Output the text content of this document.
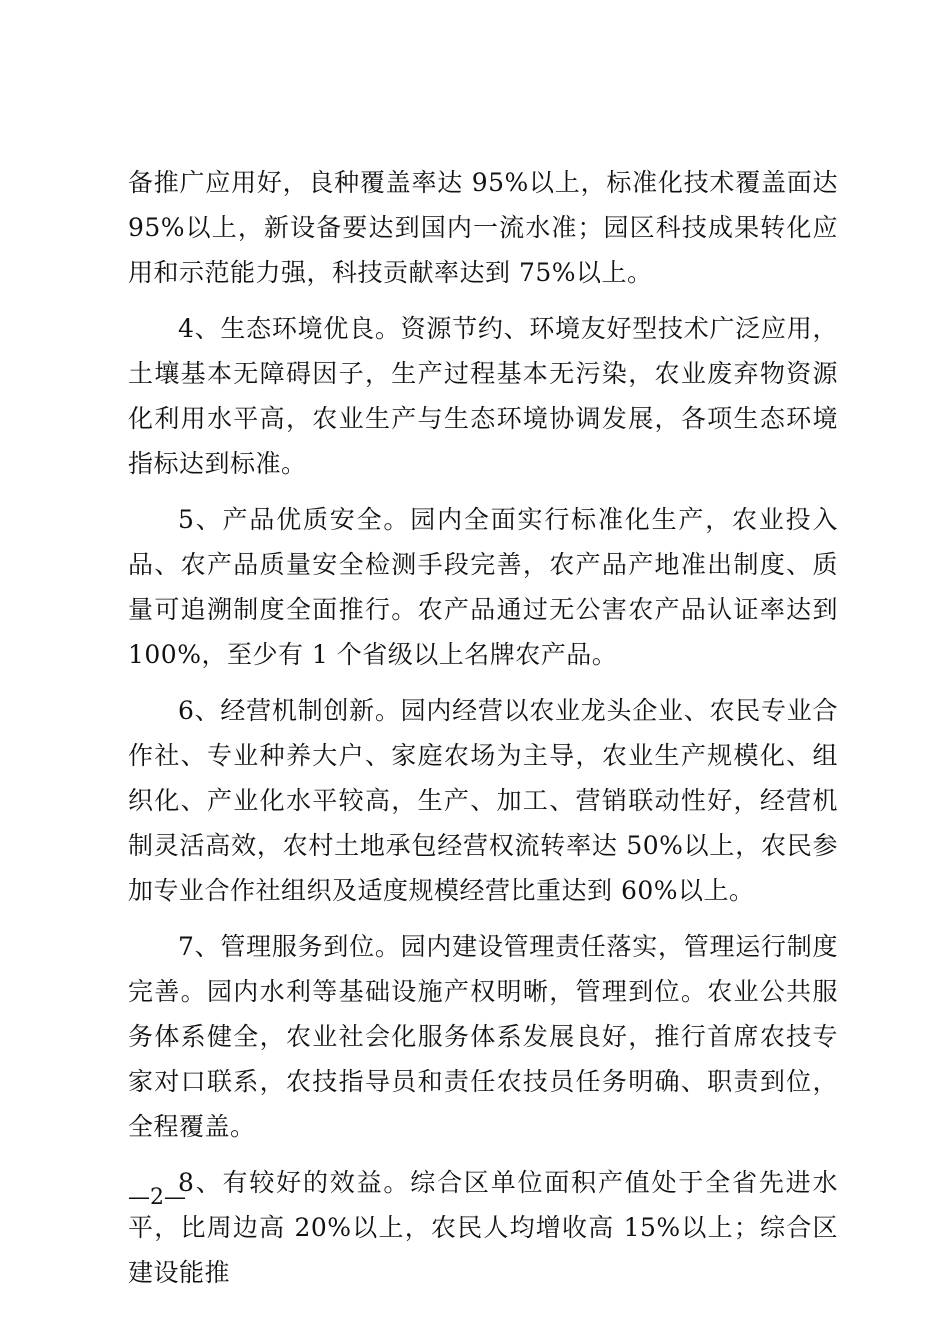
备推广应用好，良种覆盖率达 95%以上，标准化技术覆盖面达 95%以上，新设备要达到国内一流水准；园区科技成果转化应用和示范能力强，科技贡献率达到 75%以上。

4、生态环境优良。资源节约、环境友好型技术广泛应用，土壤基本无障碍因子，生产过程基本无污染，农业废弃物资源化利用水平高，农业生产与生态环境协调发展，各项生态环境指标达到标准。

5、产品优质安全。园内全面实行标准化生产，农业投入品、农产品质量安全检测手段完善，农产品产地准出制度、质量可追溯制度全面推行。农产品通过无公害农产品认证率达到 100%，至少有 1 个省级以上名牌农产品。

6、经营机制创新。园内经营以农业龙头企业、农民专业合作社、专业种养大户、家庭农场为主导，农业生产规模化、组织化、产业化水平较高，生产、加工、营销联动性好，经营机制灵活高效，农村土地承包经营权流转率达 50%以上，农民参加专业合作社组织及适度规模经营比重达到 60%以上。

7、管理服务到位。园内建设管理责任落实，管理运行制度完善。园内水利等基础设施产权明晰，管理到位。农业公共服务体系健全，农业社会化服务体系发展良好，推行首席农技专家对口联系，农技指导员和责任农技员任务明确、职责到位，全程覆盖。

8、有较好的效益。综合区单位面积产值处于全省先进水平，比周边高 20%以上，农民人均增收高 15%以上；综合区建设能推

—2—
